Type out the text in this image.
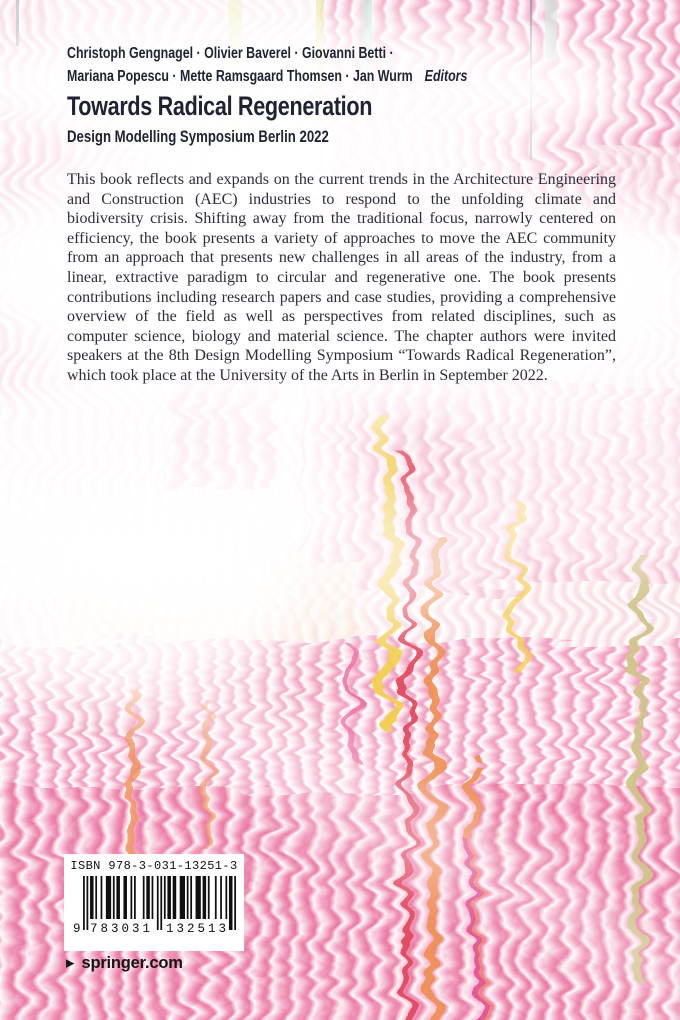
Christoph Gengnagel · Olivier Baverel · Giovanni Betti ·
Mariana Popescu · Mette Ramsgaard Thomsen · Jan Wurm Editors
Towards Radical Regeneration
Design Modelling Symposium Berlin 2022

This book reflects and expands on the current trends in the Architecture Engineering and Construction (AEC) industries to respond to the unfolding climate and biodiversity crisis. Shifting away from the traditional focus, narrowly centered on efficiency, the book presents a variety of approaches to move the AEC community from an approach that presents new challenges in all areas of the industry, from a linear, extractive paradigm to circular and regenerative one. The book presents contributions including research papers and case studies, providing a comprehensive overview of the field as well as perspectives from related disciplines, such as computer science, biology and material science. The chapter authors were invited speakers at the 8th Design Modelling Symposium “Towards Radical Regeneration”, which took place at the University of the Arts in Berlin in September 2022.

ISBN 978-3-031-13251-3
9 783031 132513
▶ springer.com
